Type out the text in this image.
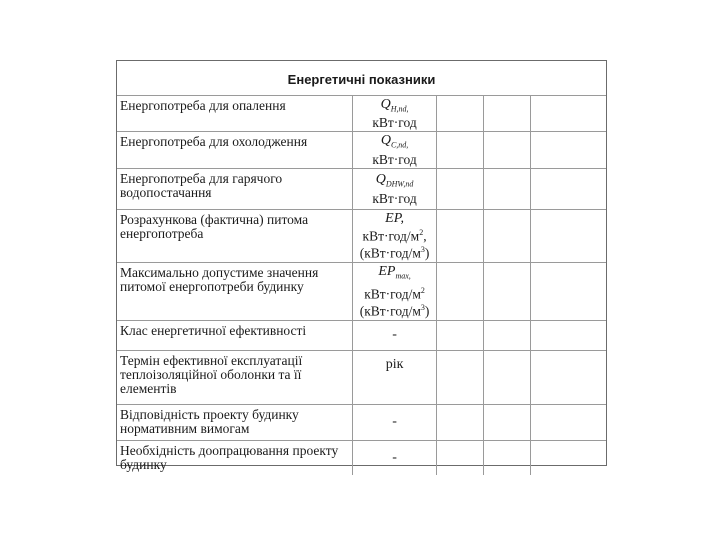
Енергетичні показники				
Енергопотреба для опалення	$Q_{H,nd,}$
кВт·год			
Енергопотреба для охолодження	$Q_{C,nd,}$
кВт·год			
Енергопотреба для гарячого водопостачання	$Q_{DHW,nd}$
кВт·год			
Розрахункова (фактична) питома енергопотреба	EP,
$кВт\cdot год/м^2$,
$(кВт\cdot год/м^3)$			
Максимально допустиме значення питомої енергопотреби будинку	$EP_{max,}$
$кВт\cdot год/м^2$
$(кВт\cdot год/м^3)$			
Клас енергетичної ефективності	-			
Термін ефективної експлуатації теплоізоляційної оболонки та її елементів	рік			
Відповідність проекту будинку нормативним вимогам	-			
Необхідність доопрацювання проекту будинку	-			
